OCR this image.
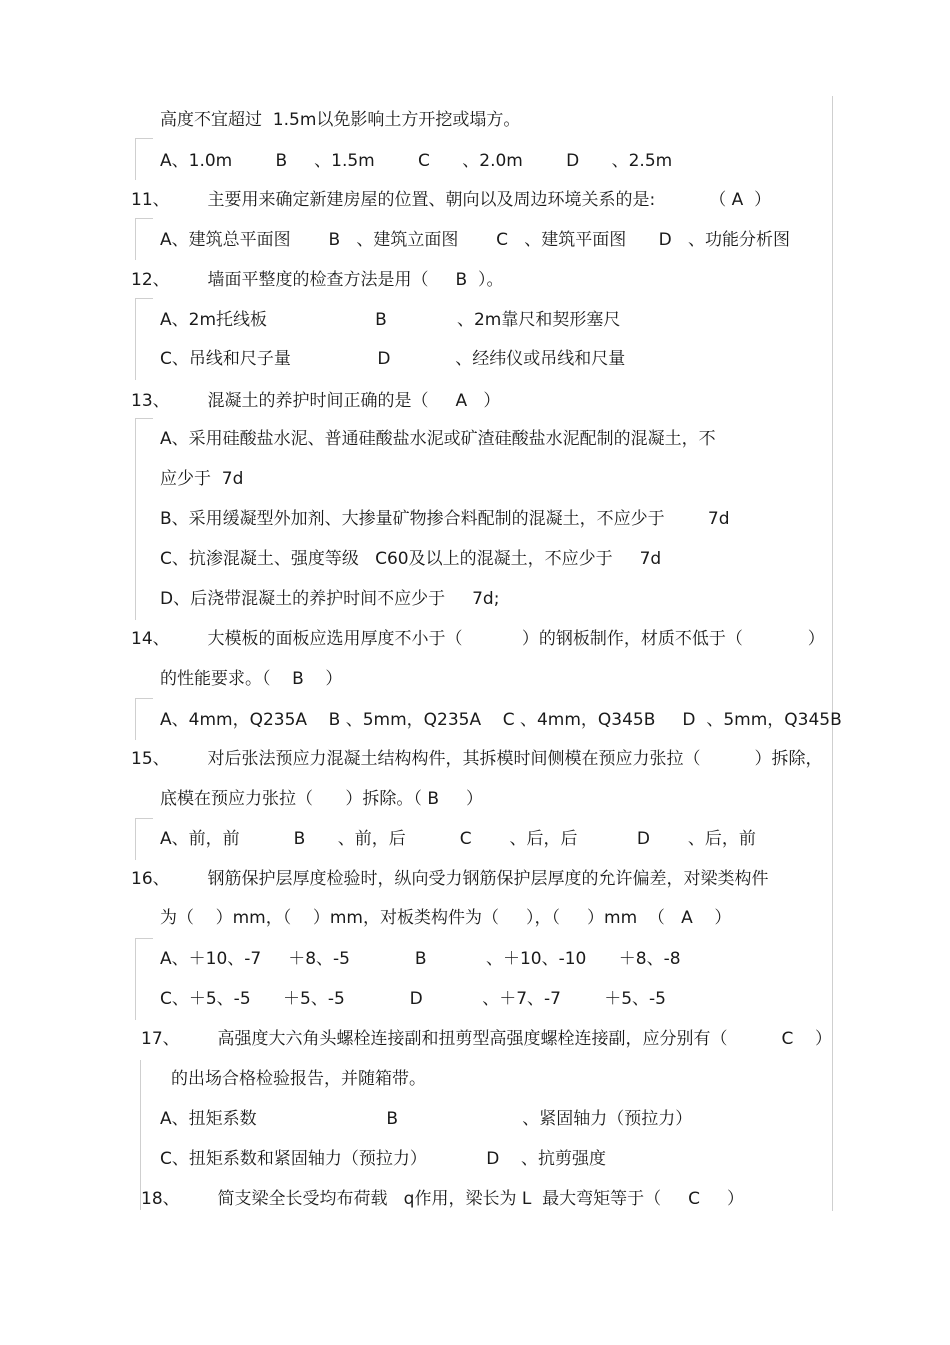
高度不宜超过  1.5m以免影响土方开挖或塌方。
A、1.0m        B     、1.5m        C      、2.0m        D      、2.5m
11、       主要用来确定新建房屋的位置、朝向以及周边环境关系的是:          （ A  ）
A、建筑总平面图       B   、建筑立面图       C   、建筑平面图      D   、功能分析图
12、       墙面平整度的检查方法是用（     B  ）。
A、2m托线板                    B             、2m靠尺和契形塞尺
C、吊线和尺子量                D            、经纬仪或吊线和尺量
13、       混凝土的养护时间正确的是（     A   ）
A、采用硅酸盐水泥、普通硅酸盐水泥或矿渣硅酸盐水泥配制的混凝土，不
应少于  7d
B、采用缓凝型外加剂、大掺量矿物掺合料配制的混凝土，不应少于        7d
C、抗渗混凝土、强度等级   C60及以上的混凝土，不应少于     7d
D、后浇带混凝土的养护时间不应少于     7d;
14、       大模板的面板应选用厚度不小于（           ）的钢板制作，材质不低于（            ）
的性能要求。（    B    ）
A、4mm，Q235A    B 、5mm，Q235A    C 、4mm，Q345B     D  、5mm，Q345B
15、       对后张法预应力混凝土结构构件，其拆模时间侧模在预应力张拉（          ）拆除，
底模在预应力张拉（      ）拆除。（ B     ）
A、前，前          B      、前，后          C       、后，后           D       、后，前
16、       钢筋保护层厚度检验时，纵向受力钢筋保护层厚度的允许偏差，对梁类构件
为（    ）mm，（    ）mm，对板类构件为（     ），（     ）mm  （   A    ）
A、＋10、-7     ＋8、-5            B           、＋10、-10      ＋8、-8
C、＋5、-5      ＋5、-5            D           、＋7、-7        ＋5、-5
17、       高强度大六角头螺栓连接副和扭剪型高强度螺栓连接副，应分别有（          C    ）
的出场合格检验报告，并随箱带。
A、扭矩系数                        B                       、紧固轴力（预拉力）
C、扭矩系数和紧固轴力（预拉力）           D    、抗剪强度
18、       简支梁全长受均布荷载   q作用，梁长为 L  最大弯矩等于（     C     ）
